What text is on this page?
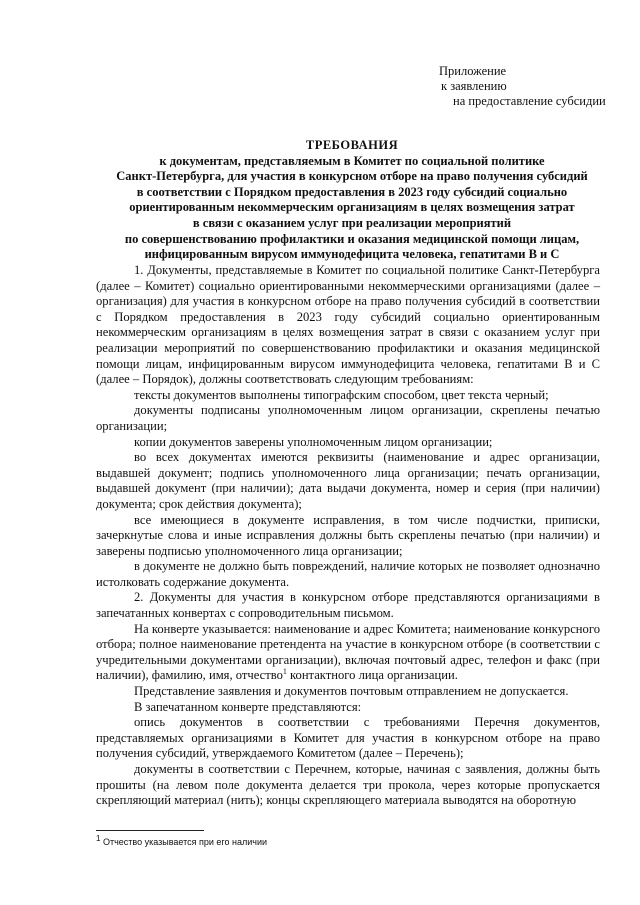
Приложение
к заявлению
на предоставление субсидии
ТРЕБОВАНИЯ
к документам, представляемым в Комитет по социальной политике
Санкт-Петербурга, для участия в конкурсном отборе на право получения субсидий
в соответствии с Порядком предоставления в 2023 году субсидий социально
ориентированным некоммерческим организациям в целях возмещения затрат
в связи с оказанием услуг при реализации мероприятий
по совершенствованию профилактики и оказания медицинской помощи лицам,
инфицированным вирусом иммунодефицита человека, гепатитами В и С

1. Документы, представляемые в Комитет по социальной политике Санкт-Петербурга (далее – Комитет) социально ориентированными некоммерческими организациями (далее – организация) для участия в конкурсном отборе на право получения субсидий в соответствии с Порядком предоставления в 2023 году субсидий социально ориентированным некоммерческим организациям в целях возмещения затрат в связи с оказанием услуг при реализации мероприятий по совершенствованию профилактики и оказания медицинской помощи лицам, инфицированным вирусом иммунодефицита человека, гепатитами В и С (далее – Порядок), должны соответствовать следующим требованиям:

тексты документов выполнены типографским способом, цвет текста черный;

документы подписаны уполномоченным лицом организации, скреплены печатью организации;

копии документов заверены уполномоченным лицом организации;

во всех документах имеются реквизиты (наименование и адрес организации, выдавшей документ; подпись уполномоченного лица организации; печать организации, выдавшей документ (при наличии); дата выдачи документа, номер и серия (при наличии) документа; срок действия документа);

все имеющиеся в документе исправления, в том числе подчистки, приписки, зачеркнутые слова и иные исправления должны быть скреплены печатью (при наличии) и заверены подписью уполномоченного лица организации;

в документе не должно быть повреждений, наличие которых не позволяет однозначно истолковать содержание документа.

2. Документы для участия в конкурсном отборе представляются организациями в запечатанных конвертах с сопроводительным письмом.

На конверте указывается: наименование и адрес Комитета; наименование конкурсного отбора; полное наименование претендента на участие в конкурсном отборе (в соответствии с учредительными документами организации), включая почтовый адрес, телефон и факс (при наличии), фамилию, имя, отчество$^1$ контактного лица организации.

Представление заявления и документов почтовым отправлением не допускается.

В запечатанном конверте представляются:

опись документов в соответствии с требованиями Перечня документов, представляемых организациями в Комитет для участия в конкурсном отборе на право получения субсидий, утверждаемого Комитетом (далее – Перечень);

документы в соответствии с Перечнем, которые, начиная с заявления, должны быть прошиты (на левом поле документа делается три прокола, через которые пропускается скрепляющий материал (нить); концы скрепляющего материала выводятся на оборотную

$^1$ Отчество указывается при его наличии
